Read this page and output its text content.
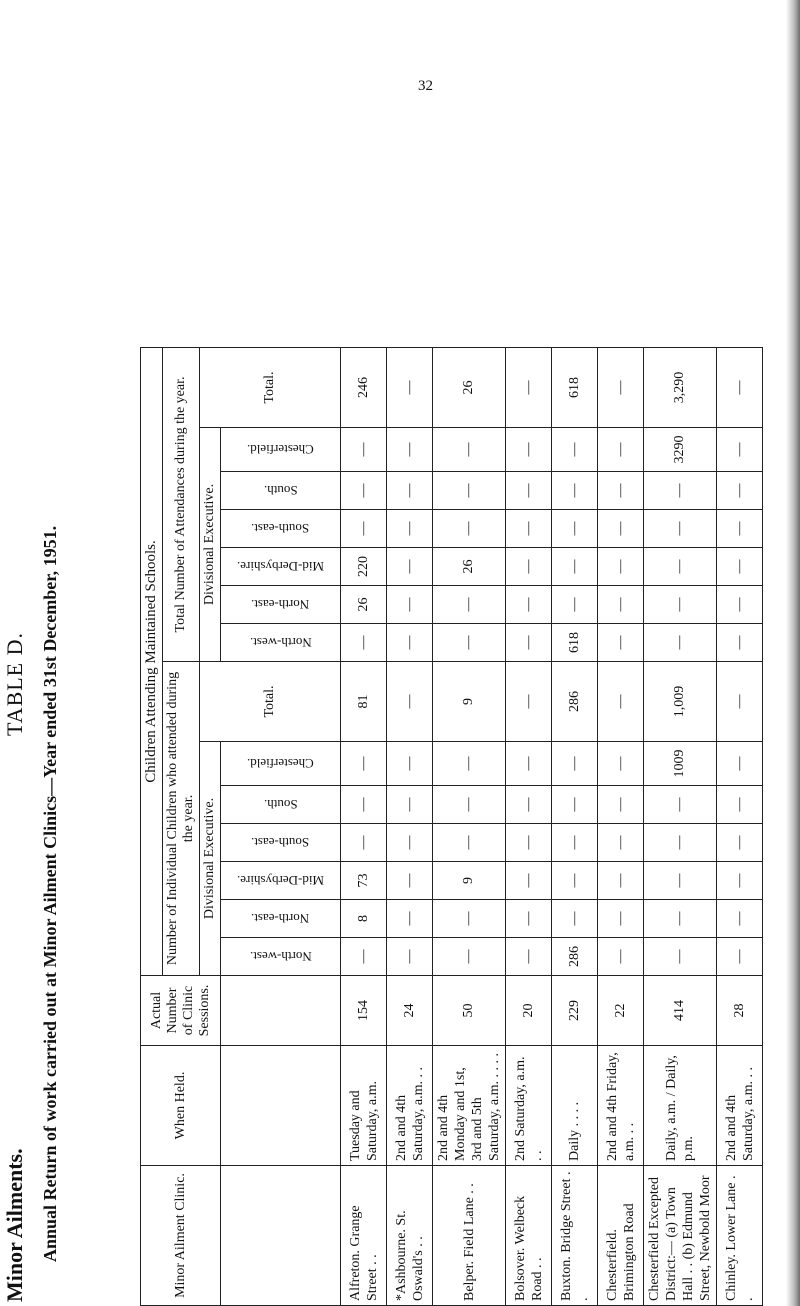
32
Minor Ailments.
TABLE D. Annual Return of work carried out at Minor Ailment Clinics—Year ended 31st December, 1951.	Minor Ailment Clinic.	When Held.	Actual Number of Clinic Sessions.	Children Attending Maintained Schools.													
			Number of Individual Children who attended during the year.							Total Number of Attendances during the year.						
			Divisional Executive.						Total.	Divisional Executive.						Total.

			North-west.	North-east.	Mid-Derbyshire.	South-east.	South.	Chesterfield.		North-west.	North-east.	Mid-Derbyshire.	South-east.	South.	Chesterfield.	

Alfreton. Grange Street . .	Tuesday and Saturday, a.m.	154	—	8	73	—	—	—	81	—	26	220	—	—	—	246
*Ashbourne. St. Oswald's . .	2nd and 4th Saturday, a.m. . .	24	—	—	—	—	—	—	—	—	—	—	—	—	—	—
Belper. Field Lane . .	2nd and 4th Monday and 1st, 3rd and 5th Saturday, a.m. . . . .	50	—	—	9	—	—	—	9	—	—	26	—	—	—	26
Bolsover. Welbeck Road . .	2nd Saturday, a.m. . .	20	—	—	—	—	—	—	—	—	—	—	—	—	—	—
Buxton. Bridge Street . .	Daily . . . .	229	286	—	—	—	—	—	286	618	—	—	—	—	—	618
Chesterfield. Brimington Road	2nd and 4th Friday, a.m. . .	22	—	—	—	—	—	—	—	—	—	—	—	—	—	—
Chesterfield Excepted District:— (a) Town Hall . . (b) Edmund Street, Newbold Moor	Daily, a.m. / Daily, p.m.	414	—	—	—	—	—	1009	1,009	—	—	—	—	—	3290	3,290
Chinley. Lower Lane . .	2nd and 4th Saturday, a.m. . .	28	—	—	—	—	—	—	—	—	—	—	—	—	—	—
